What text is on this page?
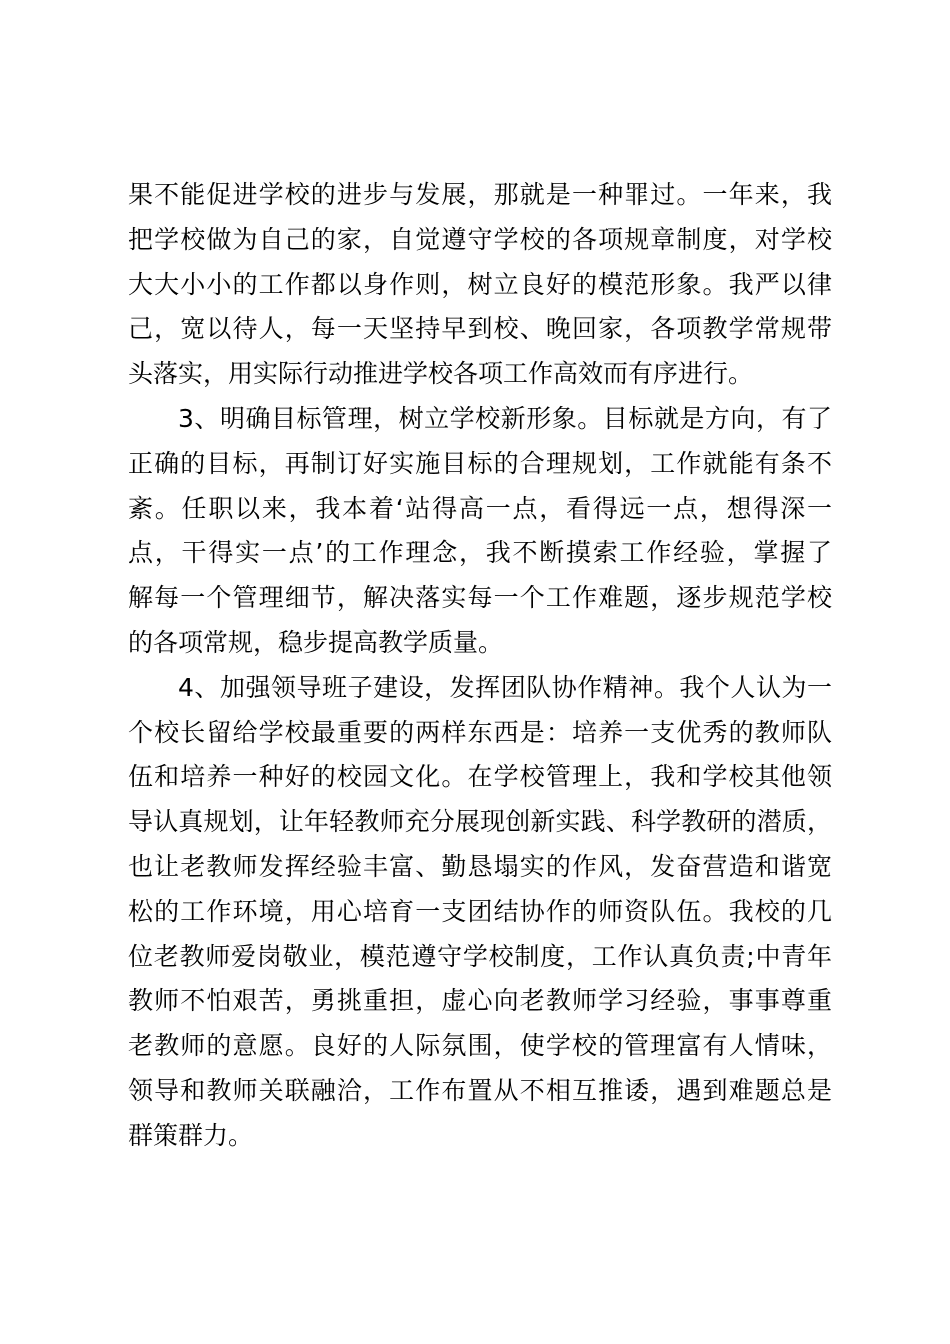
果不能促进学校的进步与发展，那就是一种罪过。一年来，我
把学校做为自己的家，自觉遵守学校的各项规章制度，对学校
大大小小的工作都以身作则，树立良好的模范形象。我严以律
己，宽以待人，每一天坚持早到校、晚回家，各项教学常规带
头落实，用实际行动推进学校各项工作高效而有序进行。
3、明确目标管理，树立学校新形象。目标就是方向，有了
正确的目标，再制订好实施目标的合理规划，工作就能有条不
紊。任职以来，我本着‘站得高一点，看得远一点，想得深一
点，干得实一点’的工作理念，我不断摸索工作经验，掌握了
解每一个管理细节，解决落实每一个工作难题，逐步规范学校
的各项常规，稳步提高教学质量。
4、加强领导班子建设，发挥团队协作精神。我个人认为一
个校长留给学校最重要的两样东西是：培养一支优秀的教师队
伍和培养一种好的校园文化。在学校管理上，我和学校其他领
导认真规划，让年轻教师充分展现创新实践、科学教研的潜质，
也让老教师发挥经验丰富、勤恳塌实的作风，发奋营造和谐宽
松的工作环境，用心培育一支团结协作的师资队伍。我校的几
位老教师爱岗敬业，模范遵守学校制度，工作认真负责;中青年
教师不怕艰苦，勇挑重担，虚心向老教师学习经验，事事尊重
老教师的意愿。良好的人际氛围，使学校的管理富有人情味，
领导和教师关联融洽，工作布置从不相互推诿，遇到难题总是
群策群力。
